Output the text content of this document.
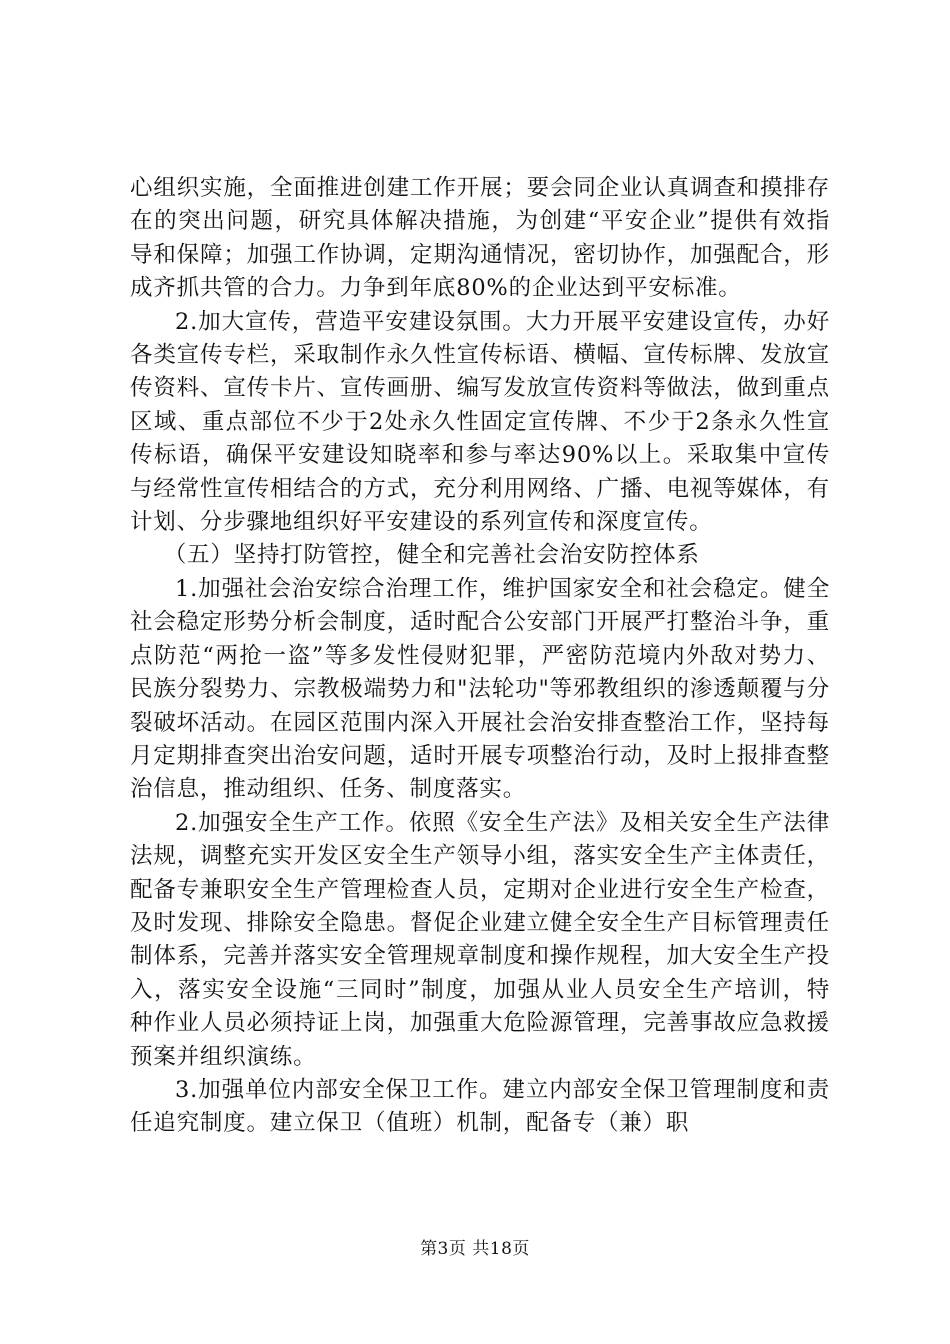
心组织实施，全面推进创建工作开展；要会同企业认真调查和摸排存在的突出问题，研究具体解决措施，为创建“平安企业”提供有效指导和保障；加强工作协调，定期沟通情况，密切协作，加强配合，形成齐抓共管的合力。力争到年底80%的企业达到平安标准。

2.加大宣传，营造平安建设氛围。大力开展平安建设宣传，办好各类宣传专栏，采取制作永久性宣传标语、横幅、宣传标牌、发放宣传资料、宣传卡片、宣传画册、编写发放宣传资料等做法，做到重点区域、重点部位不少于2处永久性固定宣传牌、不少于2条永久性宣传标语，确保平安建设知晓率和参与率达90%以上。采取集中宣传与经常性宣传相结合的方式，充分利用网络、广播、电视等媒体，有计划、分步骤地组织好平安建设的系列宣传和深度宣传。

（五）坚持打防管控，健全和完善社会治安防控体系

1.加强社会治安综合治理工作，维护国家安全和社会稳定。健全社会稳定形势分析会制度，适时配合公安部门开展严打整治斗争，重点防范“两抢一盗”等多发性侵财犯罪，严密防范境内外敌对势力、民族分裂势力、宗教极端势力和"法轮功"等邪教组织的渗透颠覆与分裂破坏活动。在园区范围内深入开展社会治安排查整治工作，坚持每月定期排查突出治安问题，适时开展专项整治行动，及时上报排查整治信息，推动组织、任务、制度落实。

2.加强安全生产工作。依照《安全生产法》及相关安全生产法律法规，调整充实开发区安全生产领导小组，落实安全生产主体责任，配备专兼职安全生产管理检查人员，定期对企业进行安全生产检查，及时发现、排除安全隐患。督促企业建立健全安全生产目标管理责任制体系，完善并落实安全管理规章制度和操作规程，加大安全生产投入，落实安全设施“三同时”制度，加强从业人员安全生产培训，特种作业人员必须持证上岗，加强重大危险源管理，完善事故应急救援预案并组织演练。

3.加强单位内部安全保卫工作。建立内部安全保卫管理制度和责任追究制度。建立保卫（值班）机制，配备专（兼）职

第3页 共18页
